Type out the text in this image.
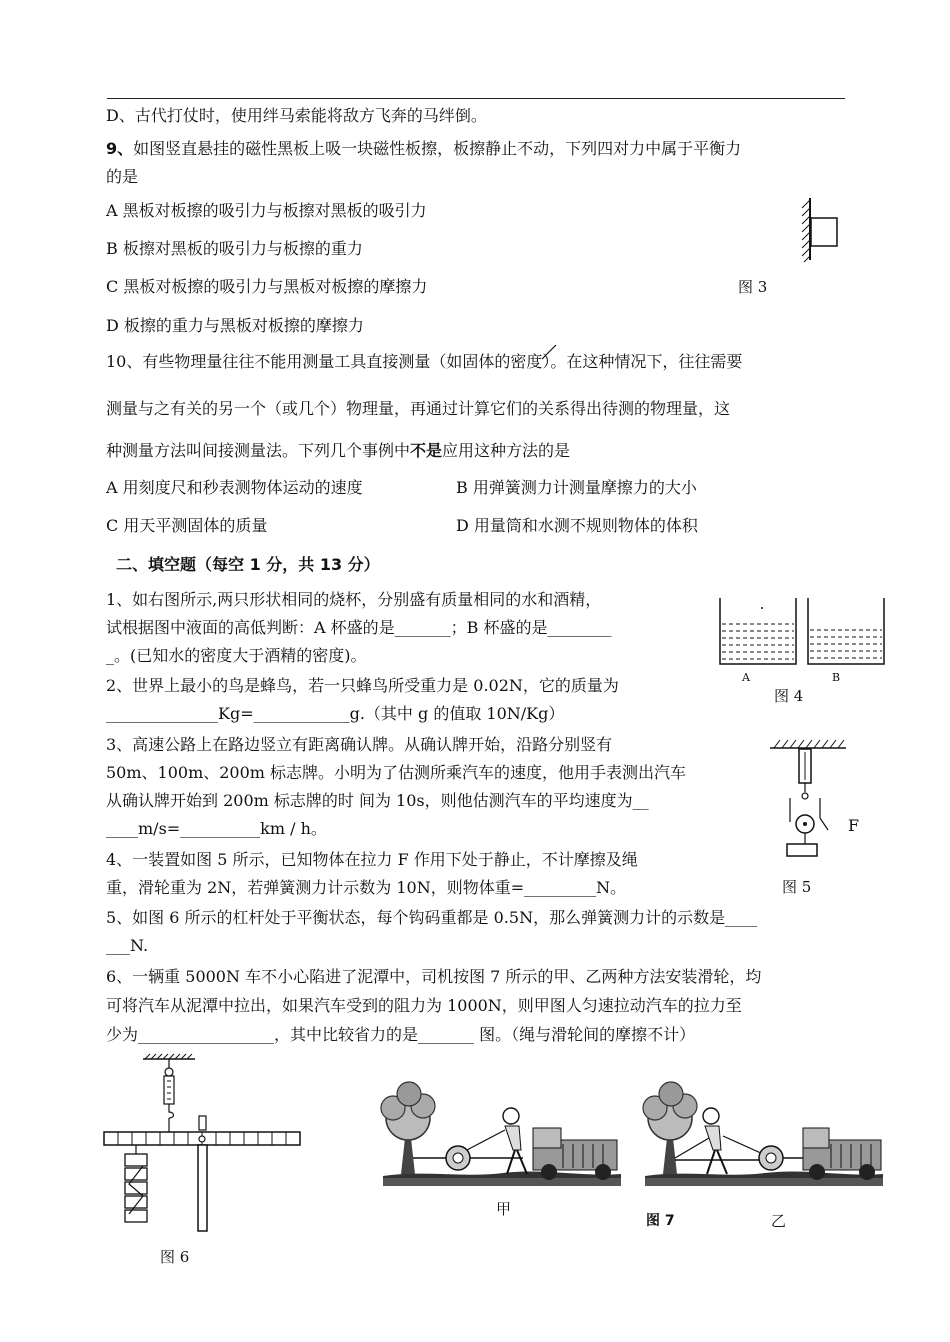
D、古代打仗时，使用绊马索能将敌方飞奔的马绊倒。
9、如图竖直悬挂的磁性黑板上吸一块磁性板擦，板擦静止不动，下列四对力中属于平衡力
的是
A 黑板对板擦的吸引力与板擦对黑板的吸引力
B 板擦对黑板的吸引力与板擦的重力
C 黑板对板擦的吸引力与黑板对板擦的摩擦力
D 板擦的重力与黑板对板擦的摩擦力
图 3
10、有些物理量往往不能用测量工具直接测量（如固体的密度）。在这种情况下，往往需要
测量与之有关的另一个（或几个）物理量，再通过计算它们的关系得出待测的物理量，这
种测量方法叫间接测量法。下列几个事例中不是应用这种方法的是
A 用刻度尺和秒表测物体运动的速度	B 用弹簧测力计测量摩擦力的大小
C 用天平测固体的质量	D 用量筒和水测不规则物体的体积
二、填空题（每空 1 分，共 13 分）
1、如右图所示,两只形状相同的烧杯，分别盛有质量相同的水和酒精，
试根据图中液面的高低判断：A 杯盛的是_______；B 杯盛的是________
_。(已知水的密度大于酒精的密度)。
2、世界上最小的鸟是蜂鸟，若一只蜂鸟所受重力是 0.02N，它的质量为
______________Kg=____________g.（其中 g 的值取 10N/Kg）
3、高速公路上在路边竖立有距离确认牌。从确认牌开始，沿路分别竖有
50m、100m、200m 标志牌。小明为了估测所乘汽车的速度，他用手表测出汽车
从确认牌开始到 200m 标志牌的时 间为 10s，则他估测汽车的平均速度为__
____m/s=__________km / h。
4、一装置如图 5 所示，已知物体在拉力 F 作用下处于静止，不计摩擦及绳
重，滑轮重为 2N，若弹簧测力计示数为 10N，则物体重=_________N。
5、如图 6 所示的杠杆处于平衡状态，每个钩码重都是 0.5N，那么弹簧测力计的示数是____
___N.
6、一辆重 5000N 车不小心陷进了泥潭中，司机按图 7 所示的甲、乙两种方法安装滑轮，均
可将汽车从泥潭中拉出，如果汽车受到的阻力为 1000N，则甲图人匀速拉动汽车的拉力至
少为_________________，其中比较省力的是_______ 图。（绳与滑轮间的摩擦不计）
A	B
图 4
F
图 5
图 6
甲
乙
图 7
